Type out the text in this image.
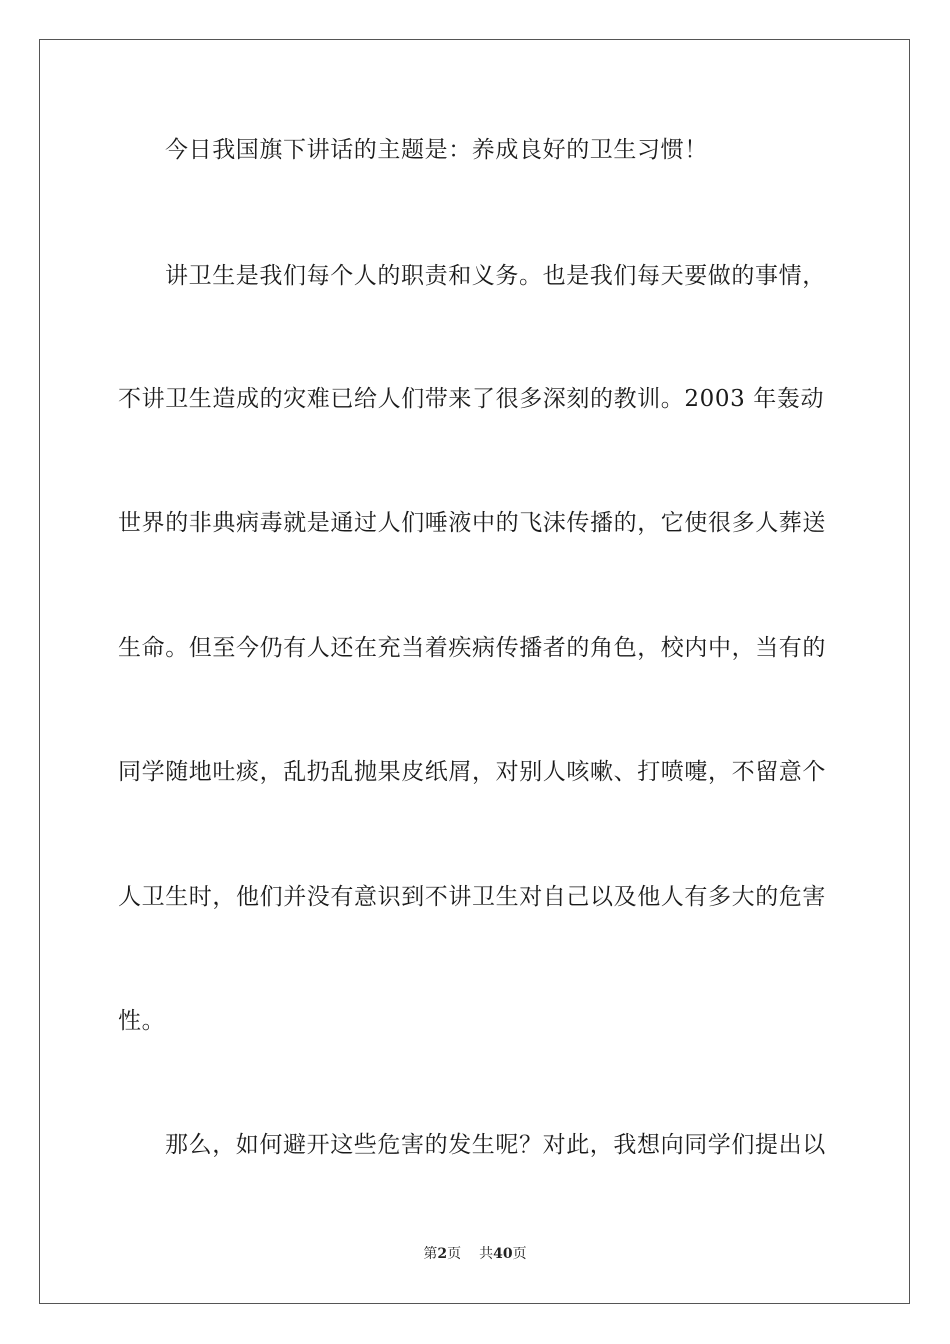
今日我国旗下讲话的主题是：养成良好的卫生习惯！
讲卫生是我们每个人的职责和义务。也是我们每天要做的事情，
不讲卫生造成的灾难已给人们带来了很多深刻的教训。2003 年轰动
世界的非典病毒就是通过人们唾液中的飞沫传播的，它使很多人葬送
生命。但至今仍有人还在充当着疾病传播者的角色，校内中，当有的
同学随地吐痰，乱扔乱抛果皮纸屑，对别人咳嗽、打喷嚏，不留意个
人卫生时，他们并没有意识到不讲卫生对自己以及他人有多大的危害
性。
那么，如何避开这些危害的发生呢？对此，我想向同学们提出以
第2页 共40页
